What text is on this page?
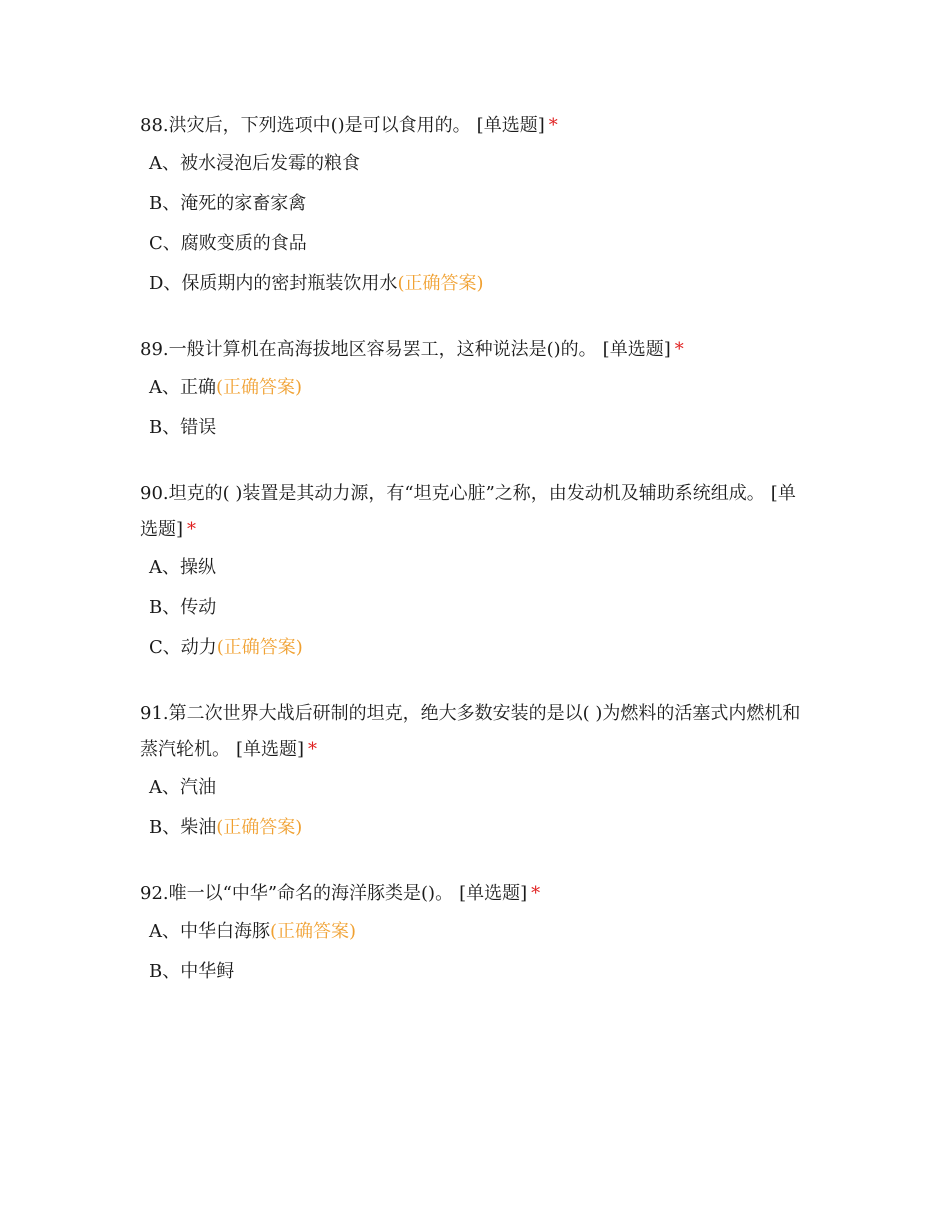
88.洪灾后，下列选项中()是可以食用的。 [单选题] *
A、被水浸泡后发霉的粮食
B、淹死的家畜家禽
C、腐败变质的食品
D、保质期内的密封瓶装饮用水(正确答案)
89.一般计算机在高海拔地区容易罢工，这种说法是()的。 [单选题] *
A、正确(正确答案)
B、错误
90.坦克的( )装置是其动力源，有“坦克心脏”之称，由发动机及辅助系统组成。 [单选题] *
A、操纵
B、传动
C、动力(正确答案)
91.第二次世界大战后研制的坦克，绝大多数安装的是以( )为燃料的活塞式内燃机和蒸汽轮机。 [单选题] *
A、汽油
B、柴油(正确答案)
92.唯一以“中华”命名的海洋豚类是()。 [单选题] *
A、中华白海豚(正确答案)
B、中华鲟
